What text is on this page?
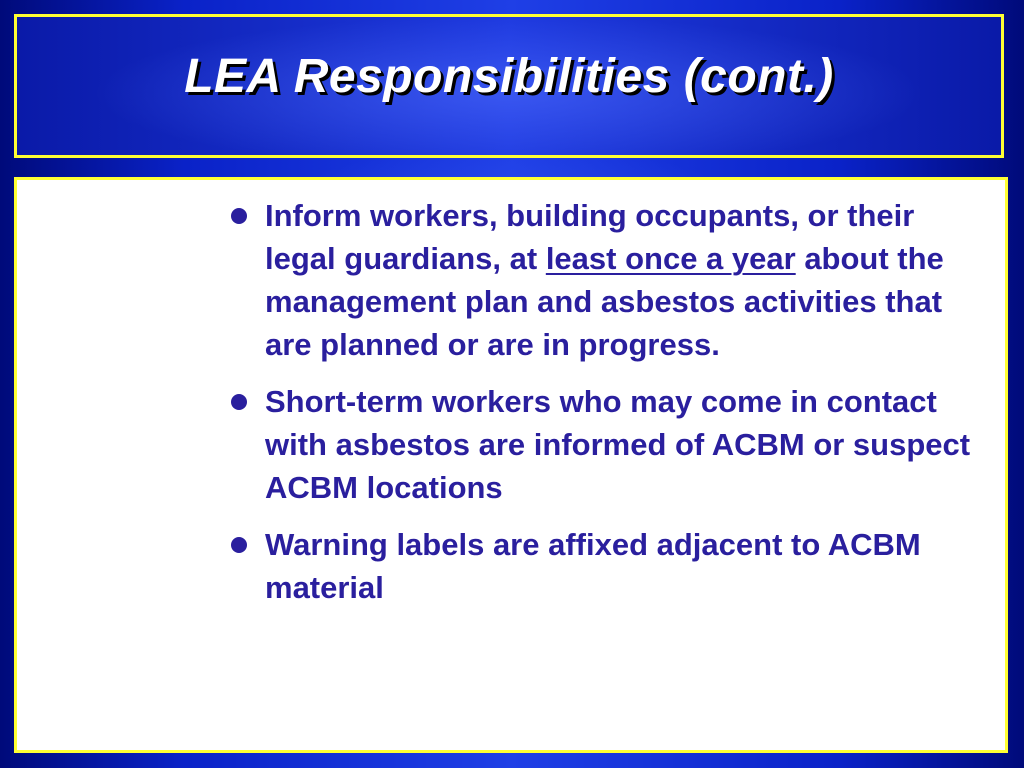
LEA Responsibilities (cont.)
Inform workers, building occupants, or their legal guardians, at least once a year about the management plan and asbestos activities that are planned or are in progress.
Short-term workers who may come in contact with asbestos are informed of ACBM or suspect ACBM locations
Warning labels are affixed adjacent to ACBM material
